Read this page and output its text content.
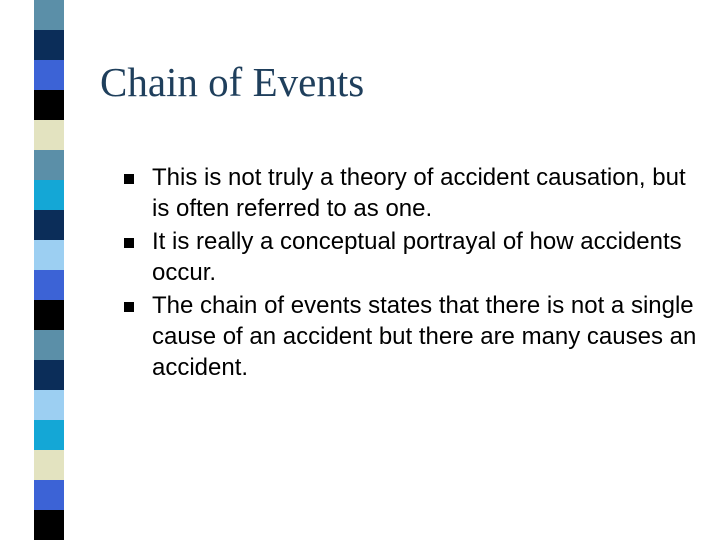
Chain of Events
This is not truly a theory of accident causation, but is often referred to as one.
It is really a conceptual portrayal of how accidents occur.
The chain of events states that there is not a single cause of an accident but there are many causes an accident.
